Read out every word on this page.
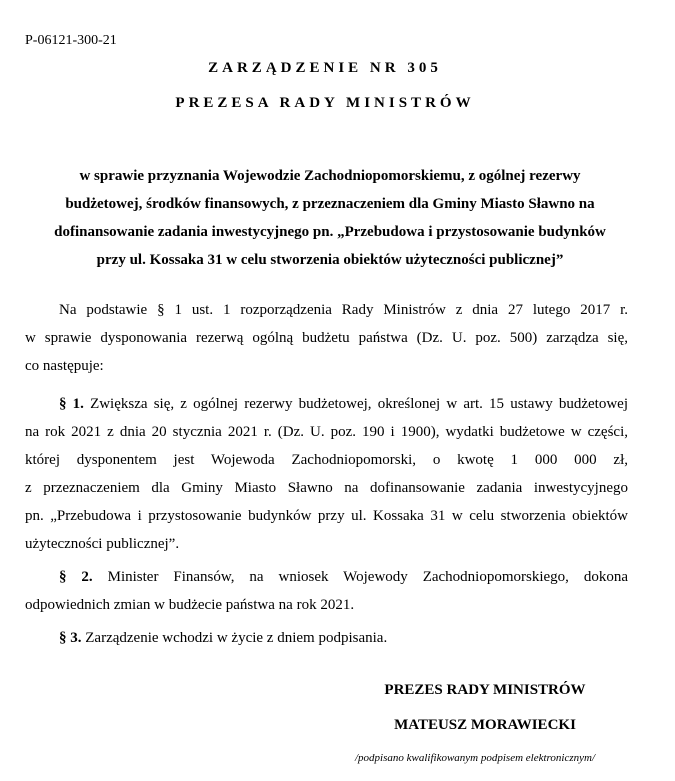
P-06121-300-21
ZARZĄDZENIE NR 305
PREZESA RADY MINISTRÓW
w sprawie przyznania Wojewodzie Zachodniopomorskiemu, z ogólnej rezerwy
budżetowej, środków finansowych, z przeznaczeniem dla Gminy Miasto Sławno na
dofinansowanie zadania inwestycyjnego pn. „Przebudowa i przystosowanie budynków
przy ul. Kossaka 31 w celu stworzenia obiektów użyteczności publicznej”
Na podstawie § 1 ust. 1 rozporządzenia Rady Ministrów z dnia 27 lutego 2017 r.
w sprawie dysponowania rezerwą ogólną budżetu państwa (Dz. U. poz. 500) zarządza się,
co następuje:
§ 1. Zwiększa się, z ogólnej rezerwy budżetowej, określonej w art. 15 ustawy budżetowej
na rok 2021 z dnia 20 stycznia 2021 r. (Dz. U. poz. 190 i 1900), wydatki budżetowe w części,
której dysponentem jest Wojewoda Zachodniopomorski, o kwotę 1 000 000 zł,
z przeznaczeniem dla Gminy Miasto Sławno na dofinansowanie zadania inwestycyjnego
pn. „Przebudowa i przystosowanie budynków przy ul. Kossaka 31 w celu stworzenia obiektów
użyteczności publicznej”.
§ 2. Minister Finansów, na wniosek Wojewody Zachodniopomorskiego, dokona
odpowiednich zmian w budżecie państwa na rok 2021.
§ 3. Zarządzenie wchodzi w życie z dniem podpisania.
PREZES RADY MINISTRÓW
MATEUSZ MORAWIECKI
/podpisano kwalifikowanym podpisem elektronicznym/
